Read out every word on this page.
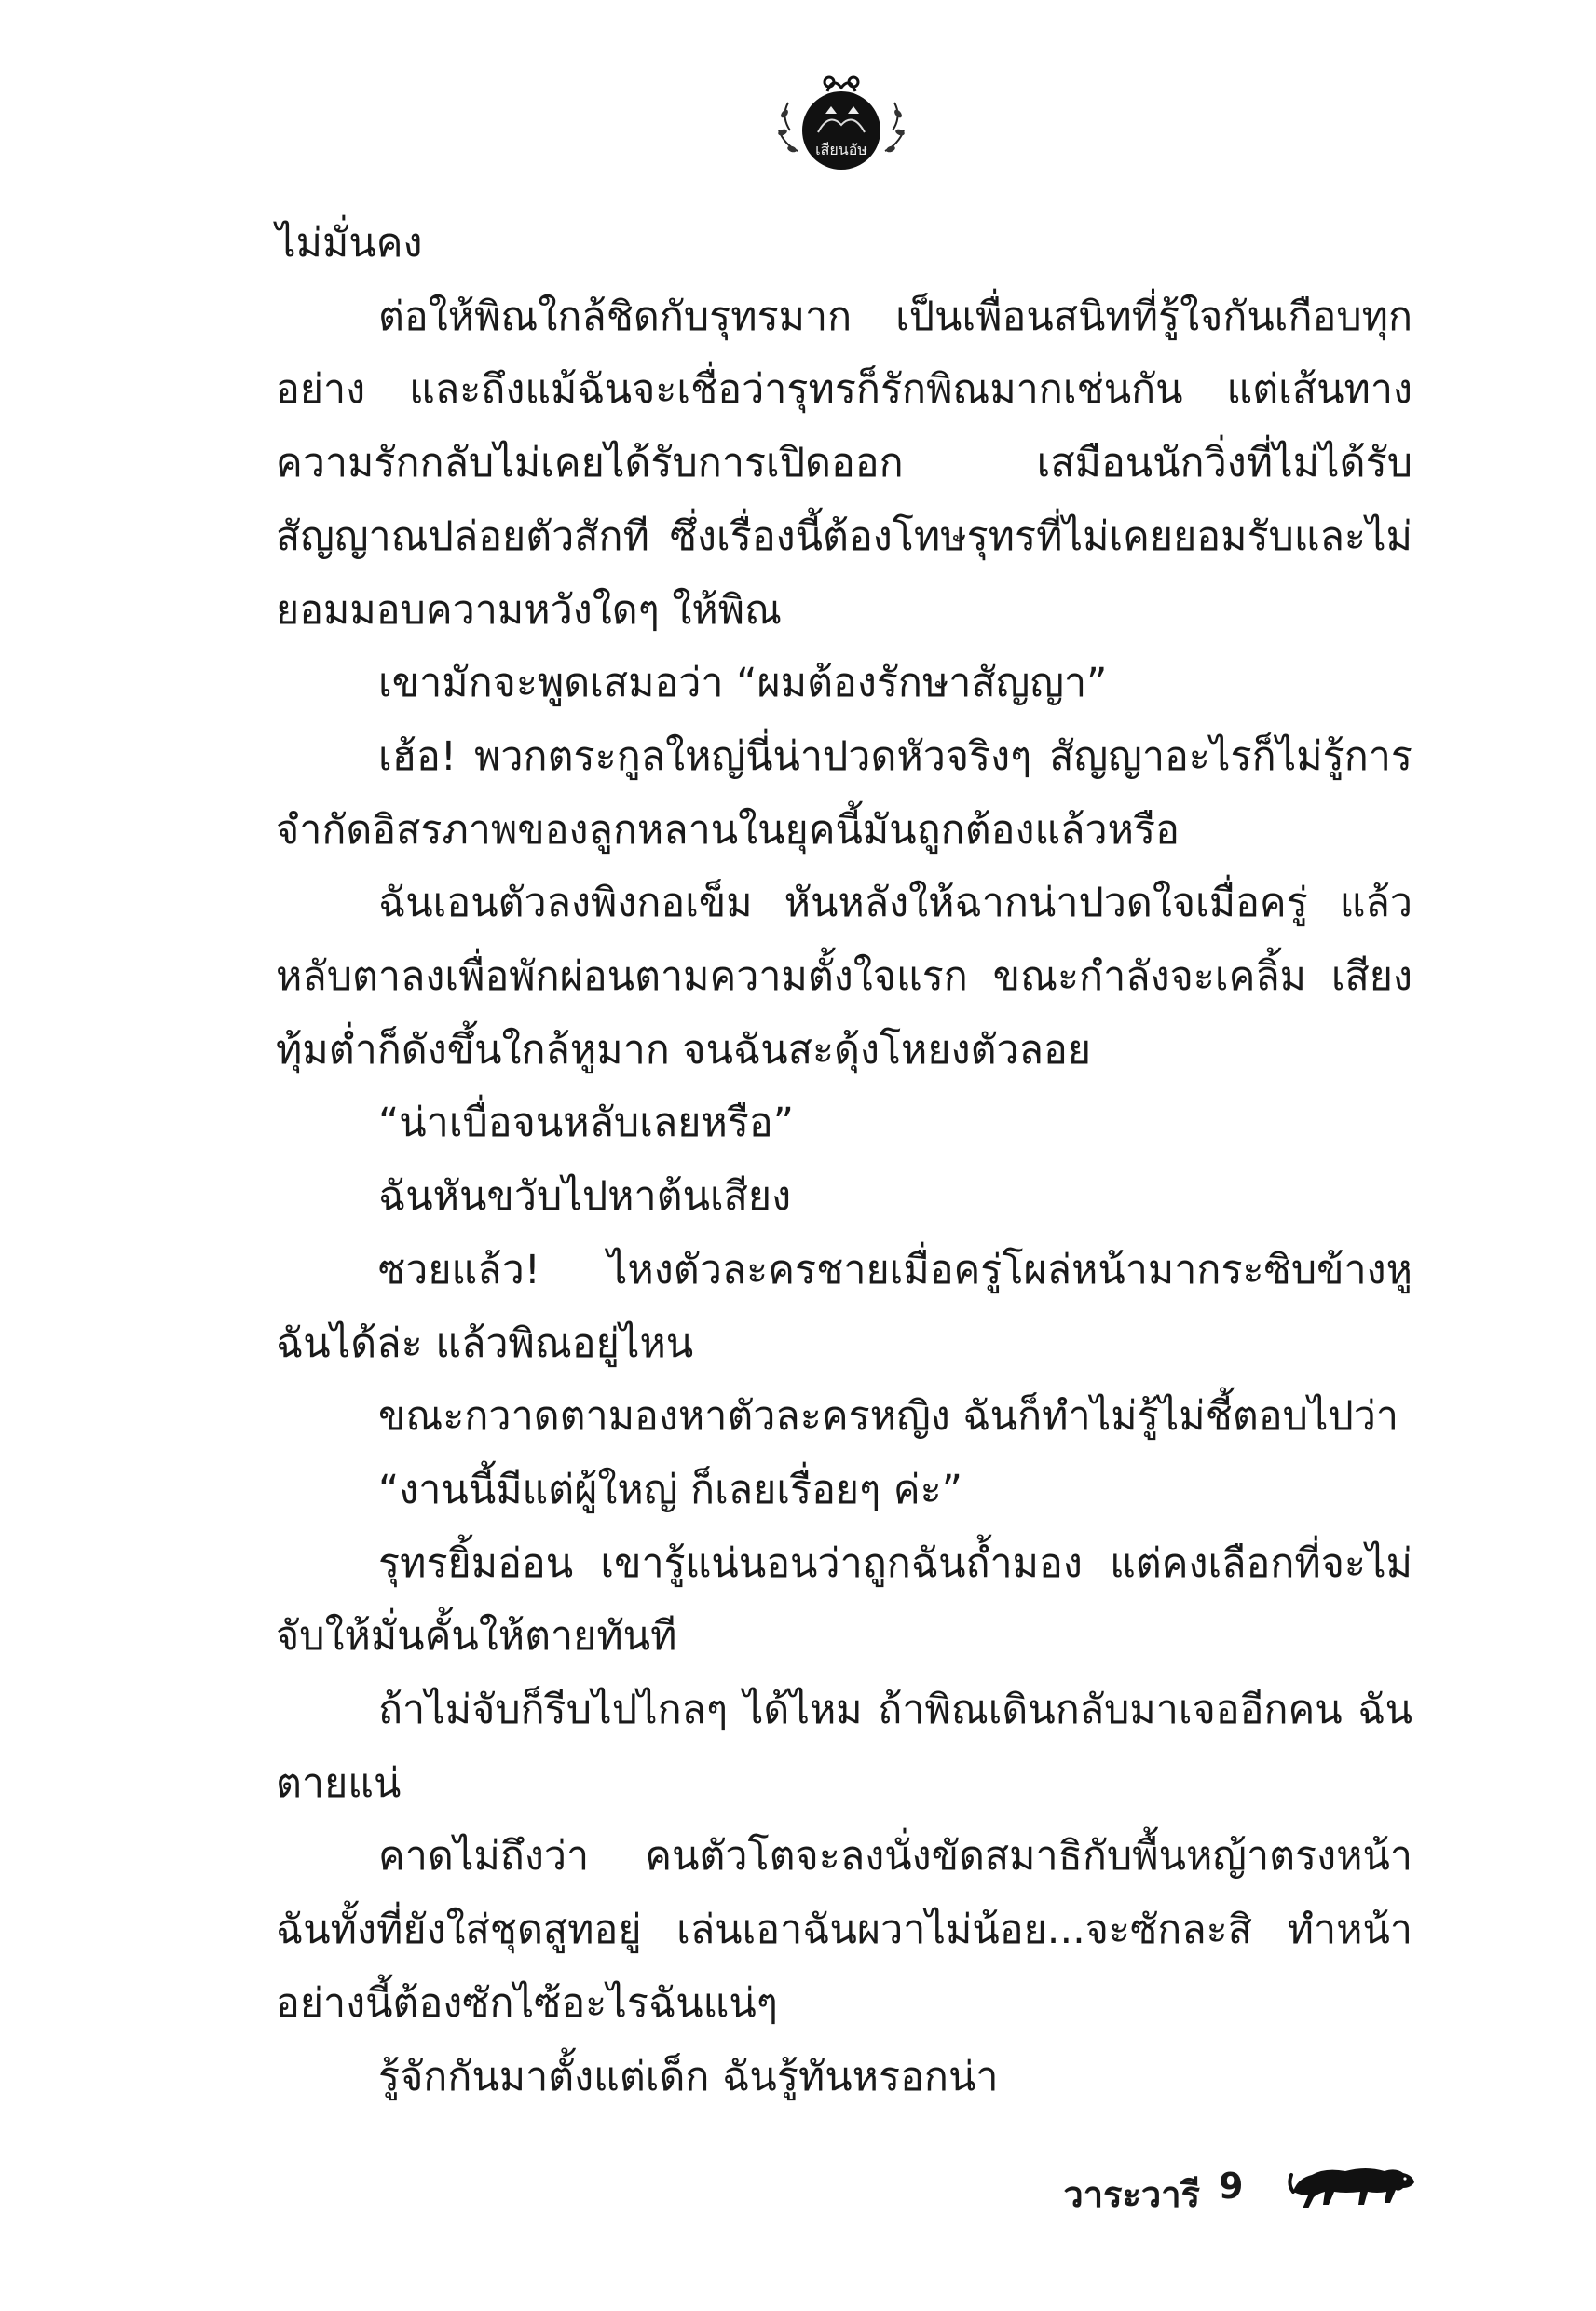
เสียนอัษ

ไม่มั่นคง

ต่อให้พิณใกล้ชิดกับรุทรมาก เป็นเพื่อนสนิทที่รู้ใจกันเกือบทุกอย่าง และถึงแม้ฉันจะเชื่อว่ารุทรก็รักพิณมากเช่นกัน แต่เส้นทางความรักกลับไม่เคยได้รับการเปิดออก เสมือนนักวิ่งที่ไม่ได้รับสัญญาณปล่อยตัวสักที ซึ่งเรื่องนี้ต้องโทษรุทรที่ไม่เคยยอมรับและไม่ยอมมอบความหวังใดๆ ให้พิณ

เขามักจะพูดเสมอว่า “ผมต้องรักษาสัญญา”

เฮ้อ! พวกตระกูลใหญ่นี่น่าปวดหัวจริงๆ สัญญาอะไรก็ไม่รู้การจำกัดอิสรภาพของลูกหลานในยุคนี้มันถูกต้องแล้วหรือ

ฉันเอนตัวลงพิงกอเข็ม หันหลังให้ฉากน่าปวดใจเมื่อครู่ แล้วหลับตาลงเพื่อพักผ่อนตามความตั้งใจแรก ขณะกำลังจะเคลิ้ม เสียงทุ้มต่ำก็ดังขึ้นใกล้หูมาก จนฉันสะดุ้งโหยงตัวลอย

“น่าเบื่อจนหลับเลยหรือ”

ฉันหันขวับไปหาต้นเสียง

ซวยแล้ว! ไหงตัวละครชายเมื่อครู่โผล่หน้ามากระซิบข้างหูฉันได้ล่ะ แล้วพิณอยู่ไหน

ขณะกวาดตามองหาตัวละครหญิง ฉันก็ทำไม่รู้ไม่ชี้ตอบไปว่า

“งานนี้มีแต่ผู้ใหญ่ ก็เลยเรื่อยๆ ค่ะ”

รุทรยิ้มอ่อน เขารู้แน่นอนว่าถูกฉันถ้ำมอง แต่คงเลือกที่จะไม่จับให้มั่นคั้นให้ตายทันที

ถ้าไม่จับก็รีบไปไกลๆ ได้ไหม ถ้าพิณเดินกลับมาเจออีกคน ฉันตายแน่

คาดไม่ถึงว่า คนตัวโตจะลงนั่งขัดสมาธิกับพื้นหญ้าตรงหน้าฉันทั้งที่ยังใส่ชุดสูทอยู่ เล่นเอาฉันผวาไม่น้อย...จะซักละสิ ทำหน้าอย่างนี้ต้องซักไซ้อะไรฉันแน่ๆ

รู้จักกันมาตั้งแต่เด็ก ฉันรู้ทันหรอกน่า

วาระวารี 9
